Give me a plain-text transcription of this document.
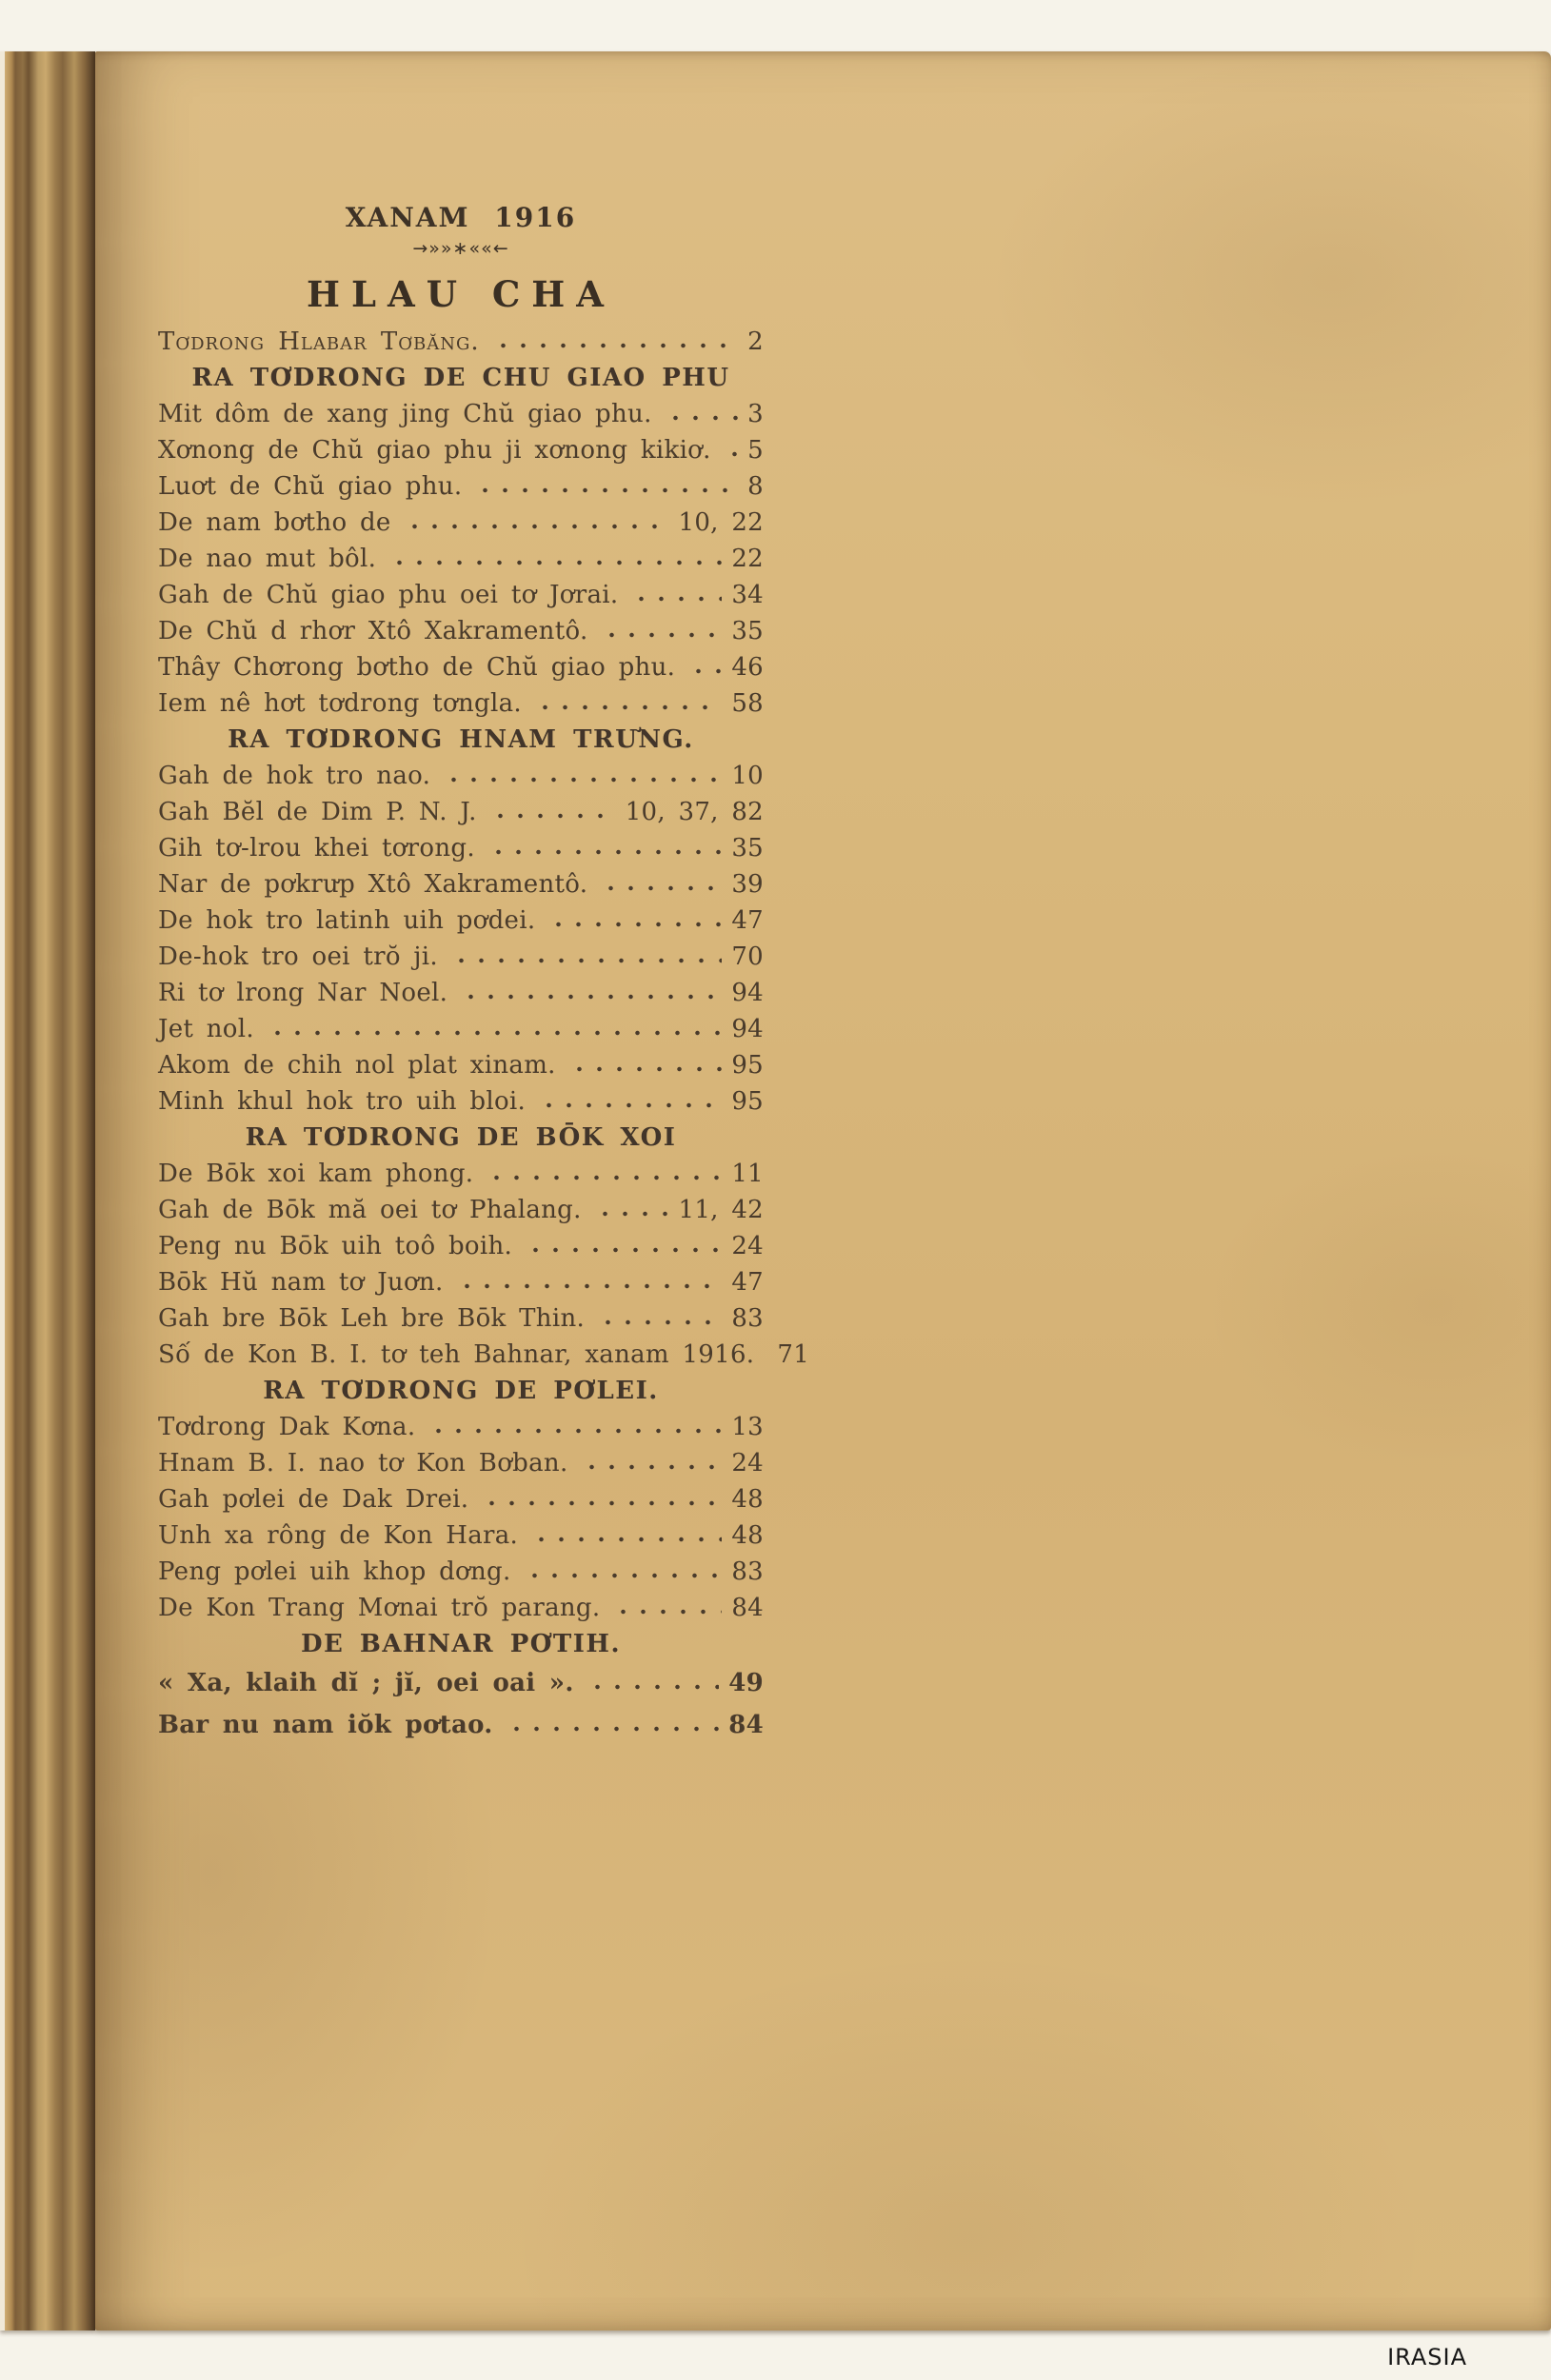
XANAM 1916
→»»∗««←
HLAU CHA
Tơdrong Hlabar Tơbăng.	2
RA TƠDRONG DE CHU GIAO PHU
Mit dôm de xang jing Chŭ giao phu.	3
Xơnong de Chŭ giao phu ji xơnong kikiơ. 5
Luơt de Chŭ giao phu.	8
De nam bơtho de	10, 22
De nao mut bôl.	22
Gah de Chŭ giao phu oei tơ Jơrai.	34
De Chŭ d rhơr Xtô Xakramentô.	35
Thây Chơrong bơtho de Chŭ giao phu. 46
Iem nê hơt tơdrong tơngla.	58
RA TƠDRONG HNAM TRƯNG.
Gah de hok tro nao.	10
Gah Bĕl de Dim P. N. J.	10, 37, 82
Gih tơ-lrou khei tơrong.	35
Nar de pơkrưp Xtô Xakramentô.	39
De hok tro latinh uih pơdei.	47
De-hok tro oei trŏ ji.	70
Ri tơ lrong Nar Noel.	94
Jet nol.	94
Akom de chih nol plat xinam.	95
Minh khul hok tro uih bloi.	95
RA TƠDRONG DE BŌK XOI
De Bōk xoi kam phong.	11
Gah de Bōk mă oei tơ Phalang.	11, 42
Peng nu Bōk uih toô boih.	24
Bōk Hŭ nam tơ Juơn.	47
Gah bre Bōk Leh bre Bōk Thin.	83
Số de Kon B. I. tơ teh Bahnar, xanam 1916. 71
RA TƠDRONG DE PƠLEI.
Tơdrong Dak Kơna.	13
Hnam B. I. nao tơ Kon Bơban.	24
Gah pơlei de Dak Drei.	48
Unh xa rông de Kon Hara.	48
Peng pơlei uih khop dơng.	83
De Kon Trang Mơnai trŏ parang.	84
DE BAHNAR PƠTIH.
« Xa, klaih dĭ ; jĭ, oei oai ».	49
Bar nu nam iŏk pơtao.	84
IRASIA
